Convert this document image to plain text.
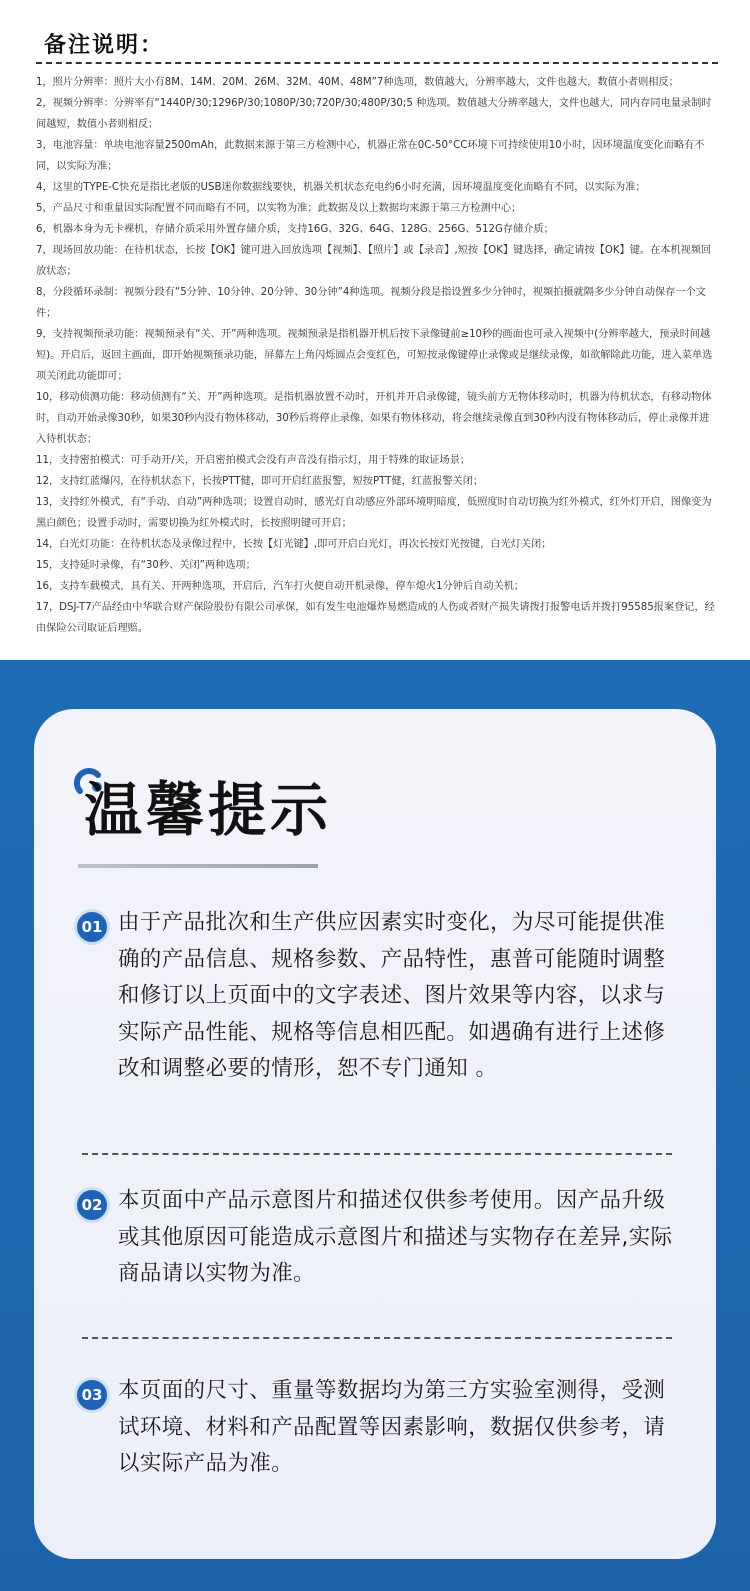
备注说明：
1，照片分辨率：照片大小有8M、14M、20M、26M、32M、40M、48M”7种选项，数值越大，分辨率越大，文件也越大，数值小者则相反；
2，视频分辨率：分辨率有“1440P/30;1296P/30;1080P/30;720P/30;480P/30;5 种选项。数值越大分辨率越大，文件也越大，同内存同电量录制时间越短，数值小者则相反；
3，电池容量：单块电池容量2500mAh，此数据来源于第三方检测中心，机器正常在0C-50°CC环境下可持续使用10小时，因环境温度变化而略有不同，以实际为准；
4，这里的TYPE-C快充是指比老版的USB迷你数据线要快，机器关机状态充电约6小时充满，因环境温度变化而略有不同，以实际为准；
5，产品尺寸和重量因实际配置不同而略有不同，以实物为准；此数据及以上数据均来源于第三方检测中心；
6，机器本身为无卡裸机，存储介质采用外置存储介质，支持16G、32G、64G、128G、256G、512G存储介质；
7，现场回放功能：在待机状态，长按【OK】键可进入回放选项【视频】、【照片】或【录音】,短按【OK】键选择，确定请按【OK】键。在本机视频回放状态；
8，分段循环录制：视频分段有“5分钟、10分钟、20分钟、30分钟”4种选项。视频分段是指设置多少分钟时，视频拍摄就隔多少分钟自动保存一个文件；
9，支持视频预录功能：视频预录有“关、开”两种选项。视频预录是指机器开机后按下录像键前≥10秒的画面也可录入视频中(分辨率越大，预录时间越短)。开启后，返回主画面，即开始视频预录功能，屏幕左上角闪烁圆点会变红色，可短按录像键停止录像或是继续录像，如欲解除此功能，进入菜单选项关闭此功能即可；
10，移动侦测功能：移动侦测有“关、开”两种选项。是指机器放置不动时，开机并开启录像键，镜头前方无物体移动时，机器为待机状态，有移动物体时，自动开始录像30秒，如果30秒内没有物体移动，30秒后将停止录像，如果有物体移动，将会继续录像直到30秒内没有物体移动后，停止录像并进入待机状态；
11，支持密拍模式：可手动开/关，开启密拍模式会没有声音没有指示灯，用于特殊的取证场景；
12，支持红蓝爆闪，在待机状态下，长按PTT健，即可开启红蓝报警，短按PTT健，红蓝报警关闭；
13，支持红外模式，有“手动、自动”两种选项；设置自动时，感光灯自动感应外部环境明暗度，低照度时自动切换为红外模式，红外灯开启，图像变为黑白颜色；设置手动时，需要切换为红外模式时，长按照明键可开启；
14，白光灯功能：在待机状态及录像过程中，长按【灯光键】,即可开启白光灯，再次长按灯光按键，白光灯关闭；
15，支持延时录像，有“30秒、关闭”两种选项；
16，支持车载模式，具有关、开两种选项，开启后，汽车打火便自动开机录像，停车熄火1分钟后自动关机；
17，DSJ-T7产品经由中华联合财产保险股份有限公司承保，如有发生电池爆炸易燃造成的人伤或者财产损失请拨打报警电话并拨打95585报案登记，经由保险公司取证后理赔。
温馨提示
01 由于产品批次和生产供应因素实时变化，为尽可能提供准确的产品信息、规格参数、产品特性，惠普可能随时调整和修订以上页面中的文字表述、图片效果等内容，以求与实际产品性能、规格等信息相匹配。如遇确有进行上述修改和调整必要的情形，恕不专门通知 。
02 本页面中产品示意图片和描述仅供参考使用。因产品升级或其他原因可能造成示意图片和描述与实物存在差异,实际商品请以实物为准。
03 本页面的尺寸、重量等数据均为第三方实验室测得，受测试环境、材料和产品配置等因素影响，数据仅供参考，请以实际产品为准。
